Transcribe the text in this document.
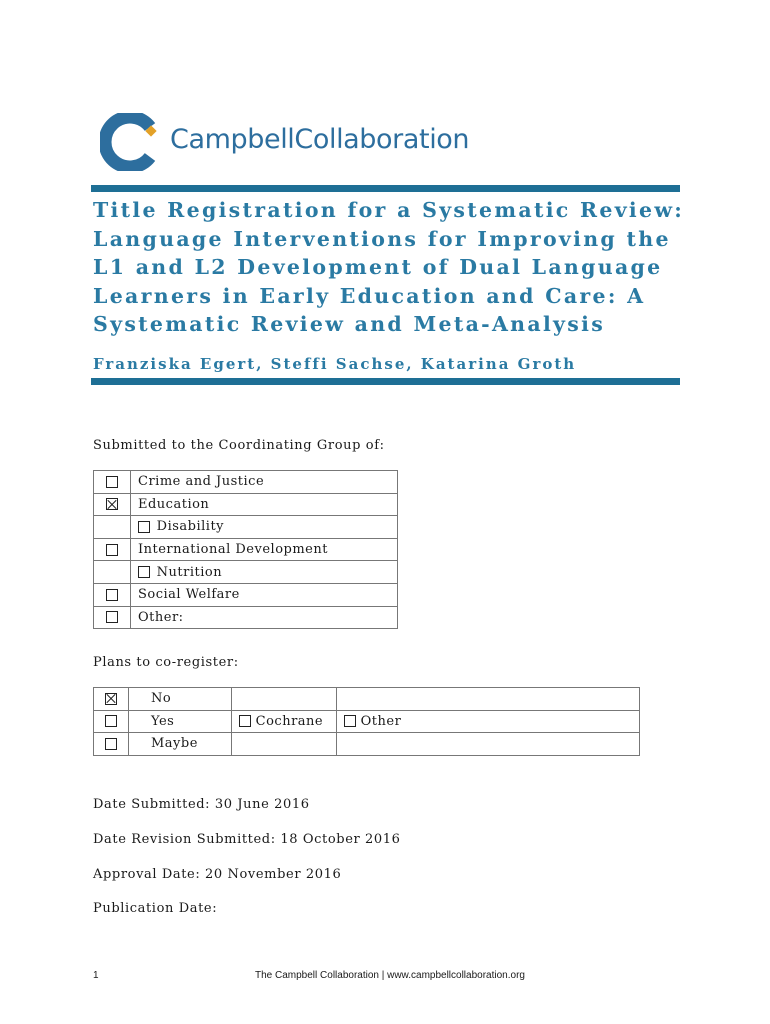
CampbellCollaboration
Title Registration for a Systematic Review: Language Interventions for Improving the L1 and L2 Development of Dual Language Learners in Early Education and Care: A Systematic Review and Meta-Analysis
Franziska Egert, Steffi Sachse, Katarina Groth
Submitted to the Coordinating Group of:
	Crime and Justice
	Education
	Disability
	International Development
	Nutrition
	Social Welfare
	Other:
Plans to co-register:
	No		
	Yes	Cochrane	Other
	Maybe		
Date Submitted: 30 June 2016
Date Revision Submitted: 18 October 2016
Approval Date: 20 November 2016
Publication Date:
1	The Campbell Collaboration | www.campbellcollaboration.org
